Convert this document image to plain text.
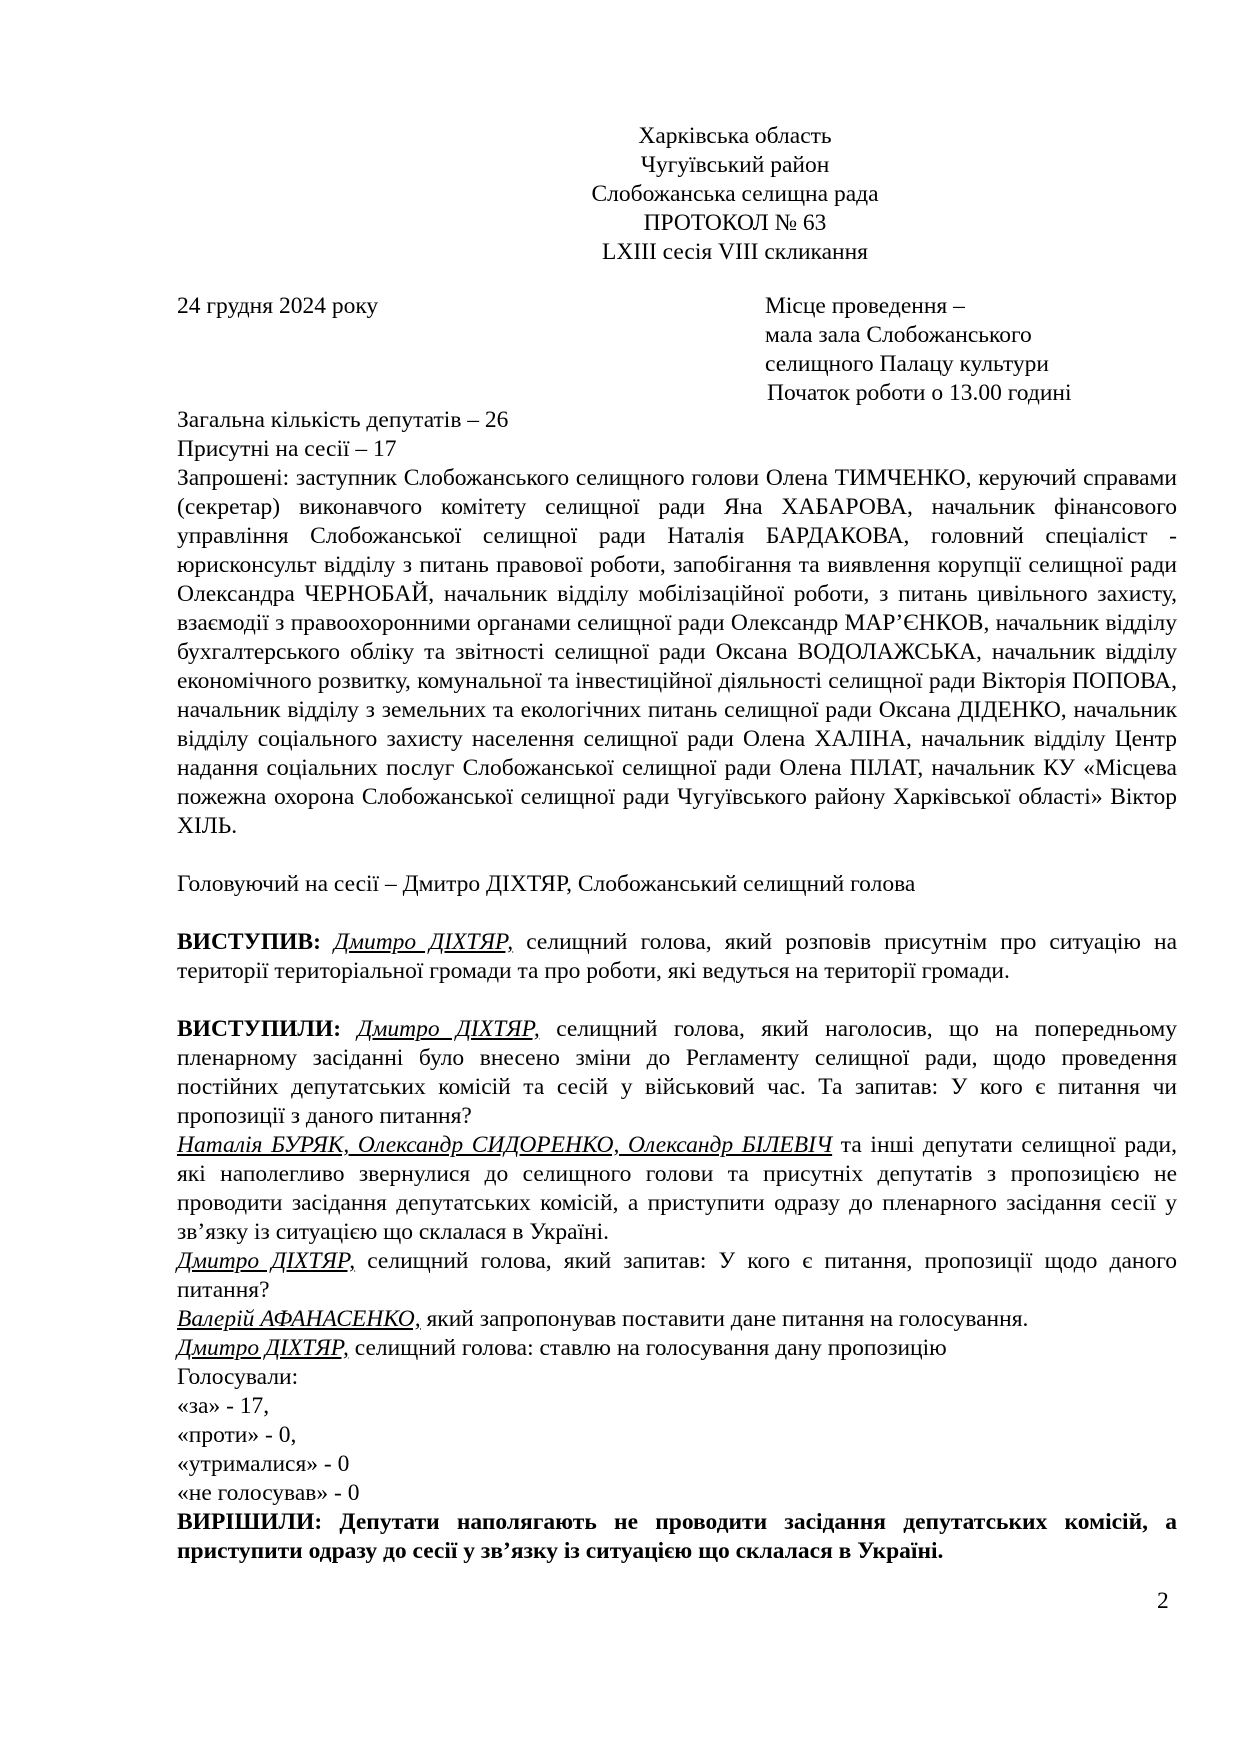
Харківська область
Чугуївський район
Слобожанська селищна рада
ПРОТОКОЛ № 63
LXIII сесія VIII скликання
24 грудня 2024 року	Місце проведення –
мала зала Слобожанського
селищного Палацу культури
Початок роботи о 13.00 годині
Загальна кількість депутатів – 26
Присутні на сесії – 17
Запрошені: заступник Слобожанського селищного голови Олена ТИМЧЕНКО, керуючий справами (секретар) виконавчого комітету селищної ради Яна ХАБАРОВА, начальник фінансового управління Слобожанської селищної ради Наталія БАРДАКОВА, головний спеціаліст - юрисконсульт відділу з питань правової роботи, запобігання та виявлення корупції селищної ради Олександра ЧЕРНОБАЙ, начальник відділу мобілізаційної роботи, з питань цивільного захисту, взаємодії з правоохоронними органами селищної ради Олександр МАР’ЄНКОВ, начальник відділу бухгалтерського обліку та звітності селищної ради Оксана ВОДОЛАЖСЬКА, начальник відділу економічного розвитку, комунальної та інвестиційної діяльності селищної ради Вікторія ПОПОВА, начальник відділу з земельних та екологічних питань селищної ради Оксана ДІДЕНКО, начальник відділу соціального захисту населення селищної ради Олена ХАЛІНА, начальник відділу Центр надання соціальних послуг Слобожанської селищної ради Олена ПІЛАТ, начальник КУ «Місцева пожежна охорона Слобожанської селищної ради Чугуївського району Харківської області» Віктор ХІЛЬ.
Головуючий на сесії – Дмитро ДІХТЯР, Слобожанський селищний голова
ВИСТУПИВ: Дмитро ДІХТЯР, селищний голова, який розповів присутнім про ситуацію на території територіальної громади та про роботи, які ведуться на території громади.
ВИСТУПИЛИ: Дмитро ДІХТЯР, селищний голова, який наголосив, що на попередньому пленарному засіданні було внесено зміни до Регламенту селищної ради, щодо проведення постійних депутатських комісій та сесій у військовий час. Та запитав: У кого є питання чи пропозиції з даного питання?
Наталія БУРЯК, Олександр СИДОРЕНКО, Олександр БІЛЕВІЧ та інші депутати селищної ради, які наполегливо звернулися до селищного голови та присутніх депутатів з пропозицією не проводити засідання депутатських комісій, а приступити одразу до пленарного засідання сесії у зв’язку із ситуацією що склалася в Україні.
Дмитро ДІХТЯР, селищний голова, який запитав: У кого є питання, пропозиції щодо даного питання?
Валерій АФАНАСЕНКО, який запропонував поставити дане питання на голосування.
Дмитро ДІХТЯР, селищний голова: ставлю на голосування дану пропозицію
Голосували:
«за» - 17,
«проти» - 0,
«утрималися» - 0
«не голосував» - 0
ВИРІШИЛИ: Депутати наполягають не проводити засідання депутатських комісій, а приступити одразу до сесії у зв’язку із ситуацією що склалася в Україні.
2
